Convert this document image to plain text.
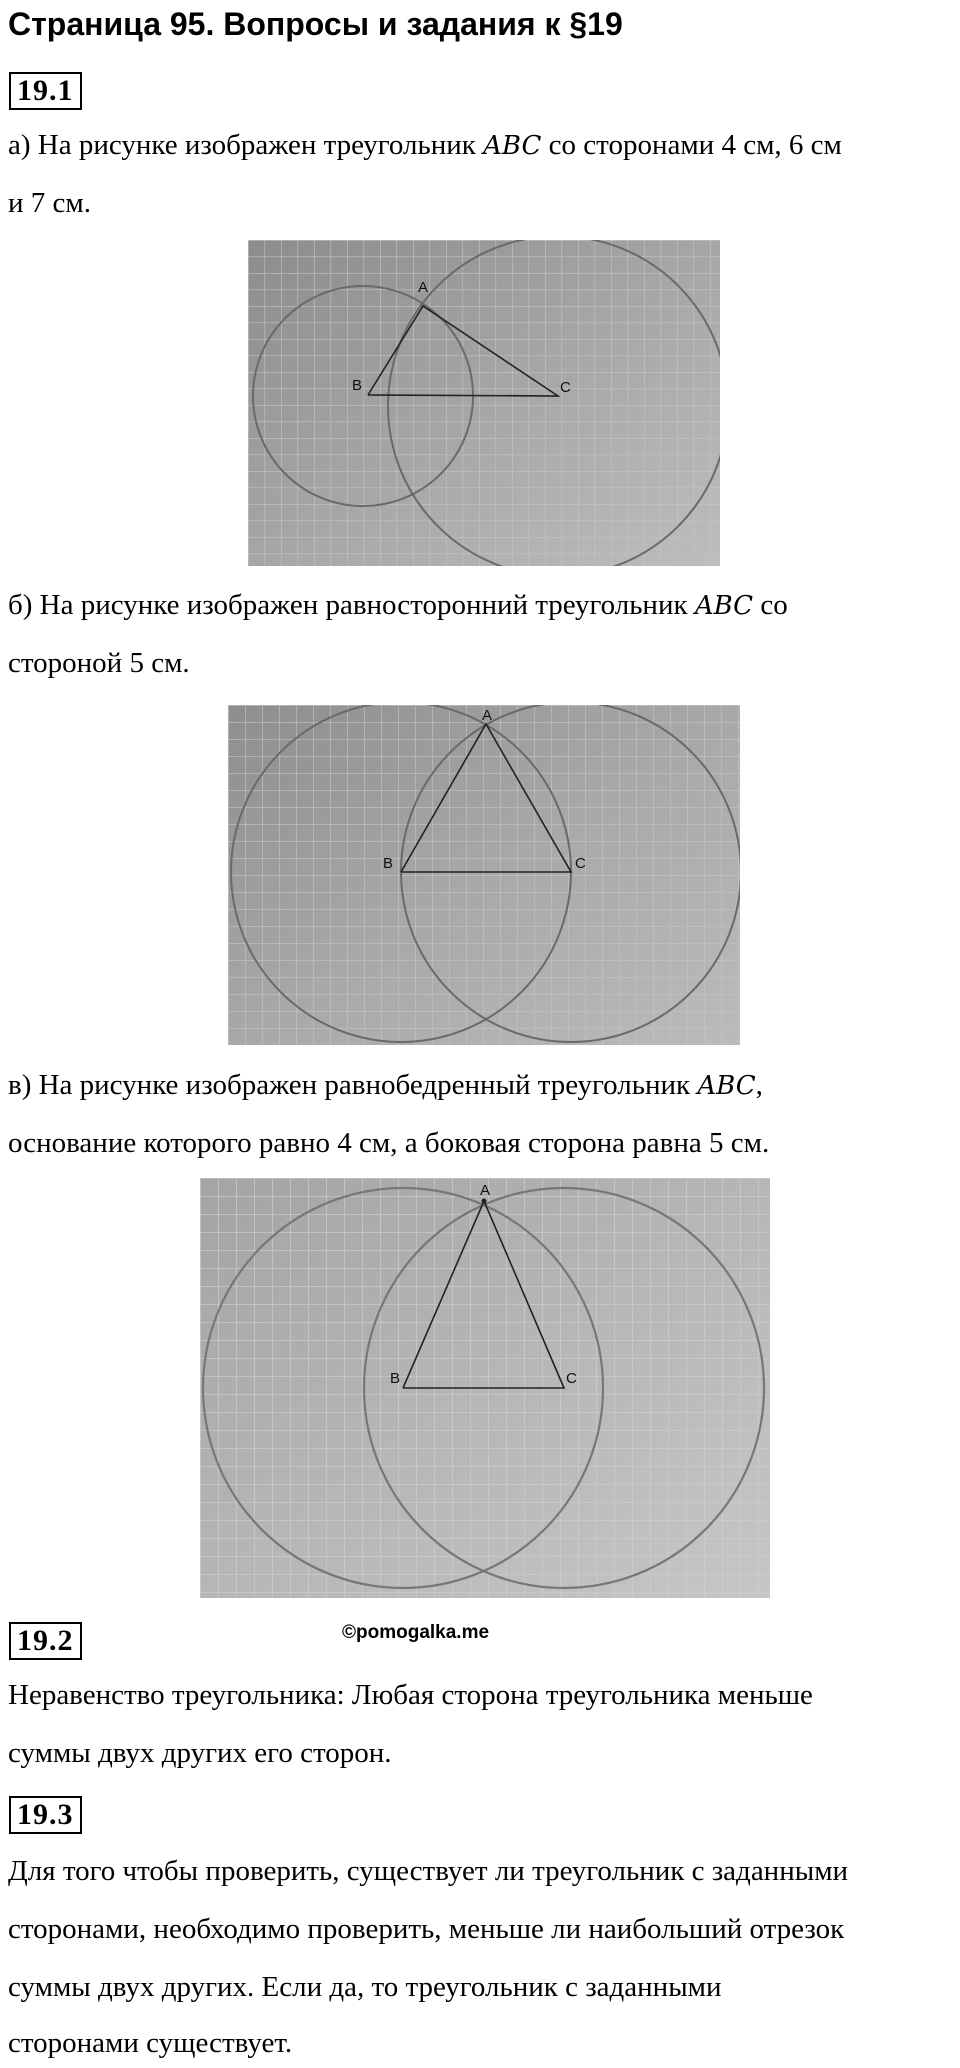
Страница 95. Вопросы и задания к §19
19.1
а) На рисунке изображен треугольник ABC со сторонами 4 см, 6 см
и 7 см.
A
B	C
б) На рисунке изображен равносторонний треугольник ABC со
стороной 5 см.
A
B	C
в) На рисунке изображен равнобедренный треугольник ABC,
основание которого равно 4 см, а боковая сторона равна 5 см.
A
B	C
19.2	©pomogalka.me
Неравенство треугольника: Любая сторона треугольника меньше
суммы двух других его сторон.
19.3
Для того чтобы проверить, существует ли треугольник с заданными
сторонами, необходимо проверить, меньше ли наибольший отрезок
суммы двух других. Если да, то треугольник с заданными
сторонами существует.
